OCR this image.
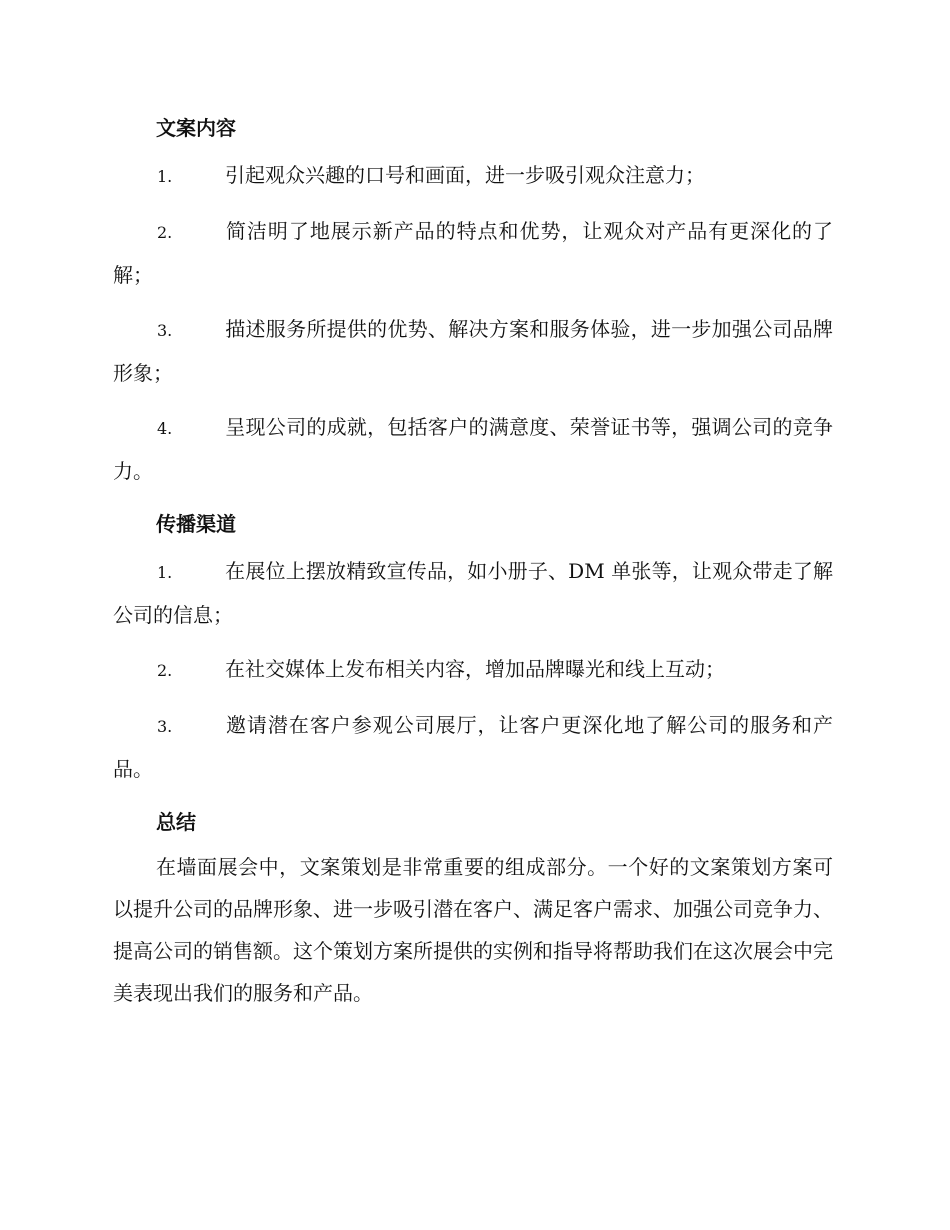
文案内容
1.	引起观众兴趣的口号和画面，进一步吸引观众注意力；
2.	简洁明了地展示新产品的特点和优势，让观众对产品有更深化的了解；
3.	描述服务所提供的优势、解决方案和服务体验，进一步加强公司品牌形象；
4.	呈现公司的成就，包括客户的满意度、荣誉证书等，强调公司的竞争力。
传播渠道
1.	在展位上摆放精致宣传品，如小册子、DM 单张等，让观众带走了解公司的信息；
2.	在社交媒体上发布相关内容，增加品牌曝光和线上互动；
3.	邀请潜在客户参观公司展厅，让客户更深化地了解公司的服务和产品。
总结

在墙面展会中，文案策划是非常重要的组成部分。一个好的文案策划方案可以提升公司的品牌形象、进一步吸引潜在客户、满足客户需求、加强公司竞争力、提高公司的销售额。这个策划方案所提供的实例和指导将帮助我们在这次展会中完美表现出我们的服务和产品。
